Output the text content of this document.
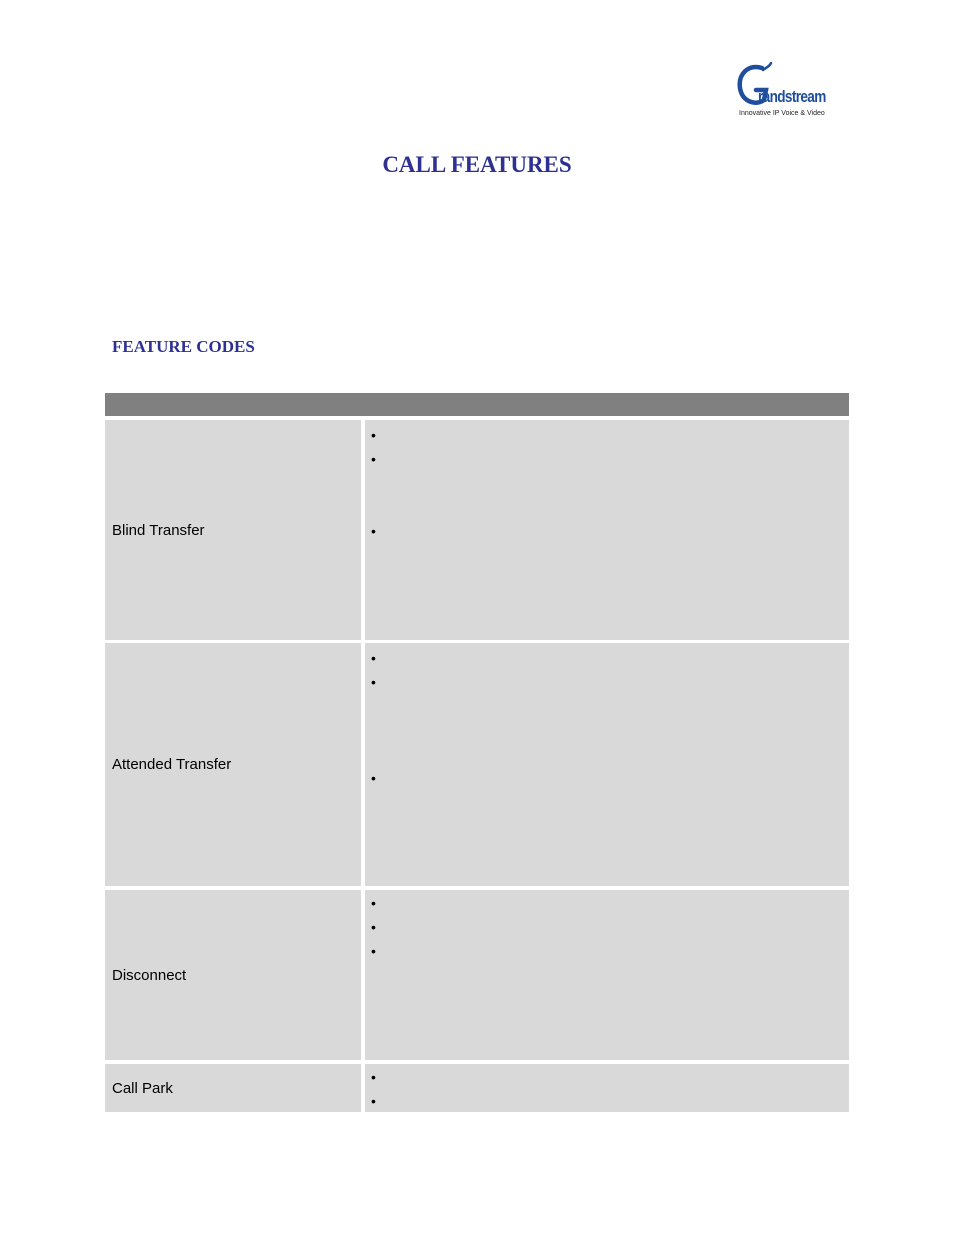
randstream
Innovative IP Voice & Video
CALL FEATURES
FEATURE CODES
Blind Transfer
•
•
•
Attended Transfer
•
•
•
Disconnect
•
•
•
Call Park
•
•
